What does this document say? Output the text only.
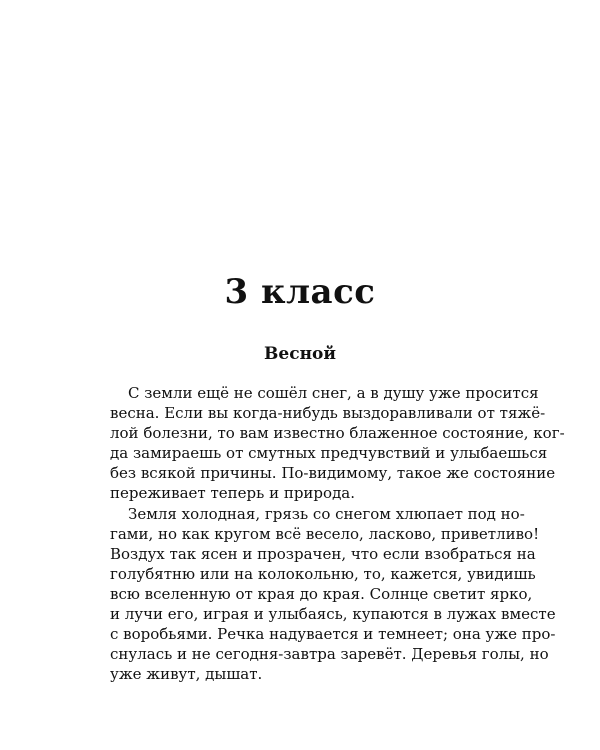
3 класс
Весной
С земли ещё не сошёл снег, а в душу уже просится
весна. Если вы когда-нибудь выздоравливали от тяжё-
лой болезни, то вам известно блаженное состояние, ког-
да замираешь от смутных предчувствий и улыбаешься
без всякой причины. По-видимому, такое же состояние
переживает теперь и природа.
Земля холодная, грязь со снегом хлюпает под но-
гами, но как кругом всё весело, ласково, приветливо!
Воздух так ясен и прозрачен, что если взобраться на
голубятню или на колокольню, то, кажется, увидишь
всю вселенную от края до края. Солнце светит ярко,
и лучи его, играя и улыбаясь, купаются в лужах вместе
с воробьями. Речка надувается и темнеет; она уже про-
снулась и не сегодня-завтра заревёт. Деревья голы, но
уже живут, дышат.
